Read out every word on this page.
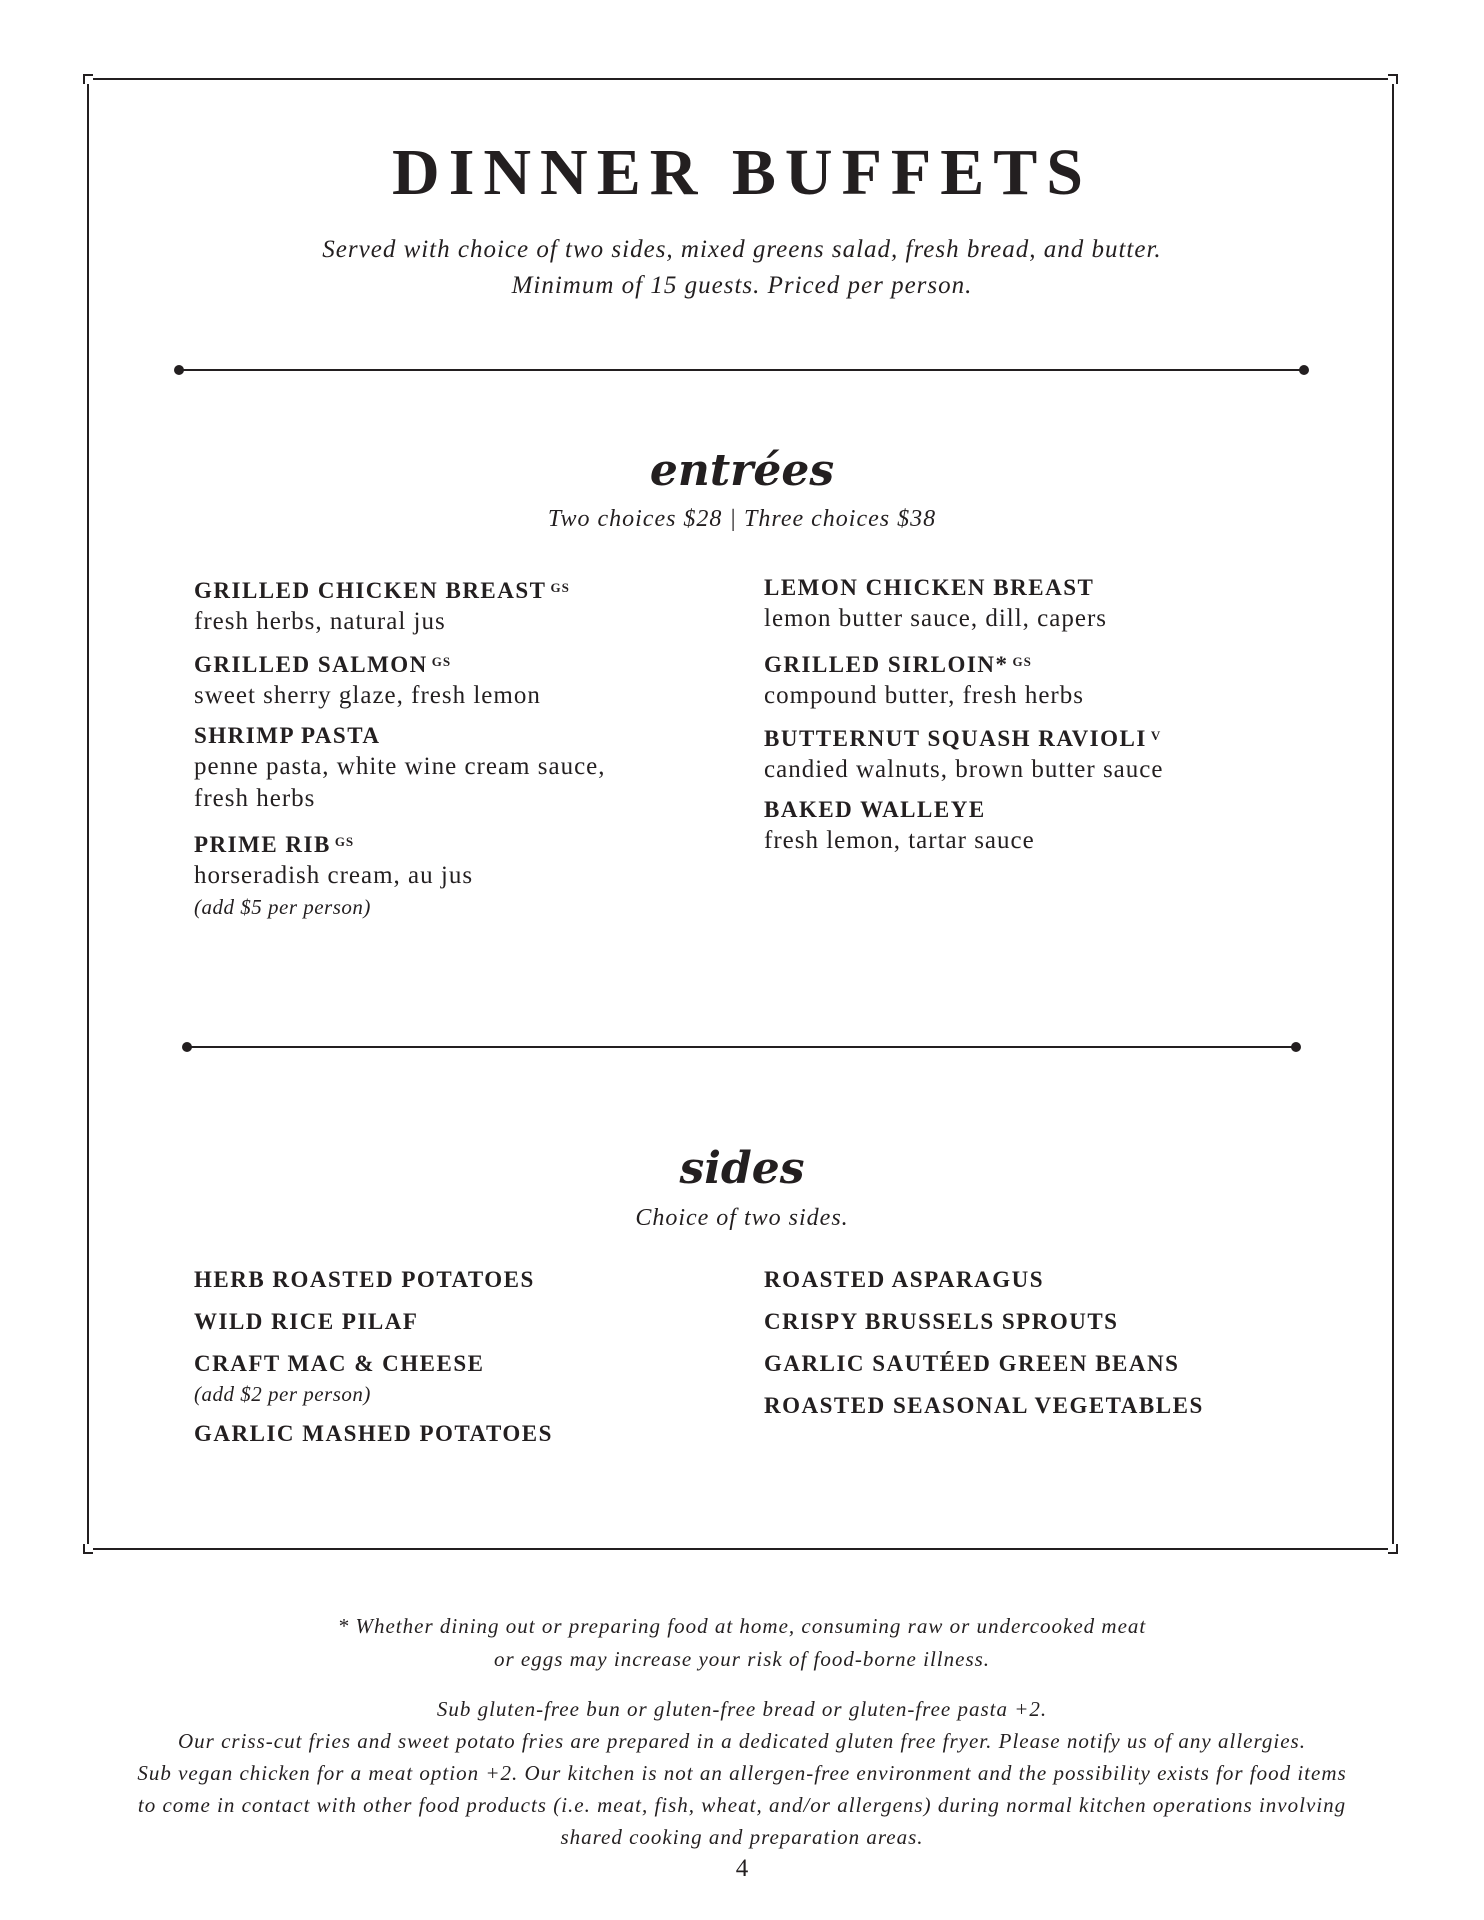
DINNER BUFFETS

Served with choice of two sides, mixed greens salad, fresh bread, and butter.

Minimum of 15 guests. Priced per person.

entrées

Two choices $28 | Three choices $38

GRILLED CHICKEN BREAST $^{GS}$
fresh herbs, natural jus
GRILLED SALMON $^{GS}$
sweet sherry glaze, fresh lemon
SHRIMP PASTA
penne pasta, white wine cream sauce,
fresh herbs
PRIME RIB $^{GS}$
horseradish cream, au jus
(add $5 per person)
LEMON CHICKEN BREAST
lemon butter sauce, dill, capers
GRILLED SIRLOIN* $^{GS}$
compound butter, fresh herbs
BUTTERNUT SQUASH RAVIOLI $^V$
candied walnuts, brown butter sauce
BAKED WALLEYE
fresh lemon, tartar sauce
sides

Choice of two sides.

HERB ROASTED POTATOES
WILD RICE PILAF
CRAFT MAC & CHEESE
(add $2 per person)
GARLIC MASHED POTATOES
ROASTED ASPARAGUS
CRISPY BRUSSELS SPROUTS
GARLIC SAUTÉED GREEN BEANS
ROASTED SEASONAL VEGETABLES

* Whether dining out or preparing food at home, consuming raw or undercooked meat

or eggs may increase your risk of food-borne illness.

Sub gluten-free bun or gluten-free bread or gluten-free pasta +2.

Our criss-cut fries and sweet potato fries are prepared in a dedicated gluten free fryer. Please notify us of any allergies.

Sub vegan chicken for a meat option +2. Our kitchen is not an allergen-free environment and the possibility exists for food items

to come in contact with other food products (i.e. meat, fish, wheat, and/or allergens) during normal kitchen operations involving

shared cooking and preparation areas.

4
